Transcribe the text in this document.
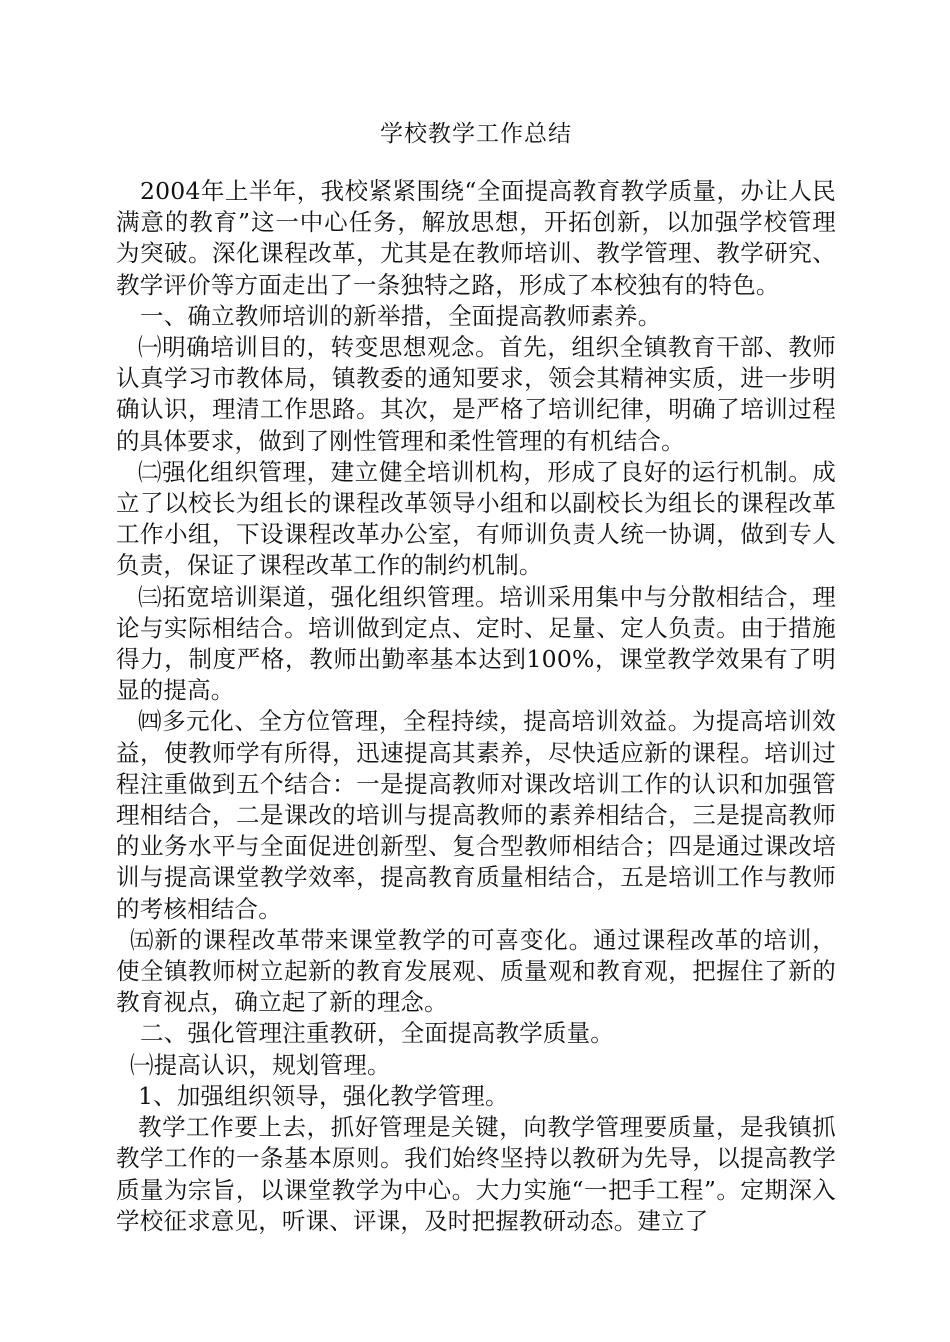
学校教学工作总结

2004年上半年，我校紧紧围绕“全面提高教育教学质量，办让人民满意的教育”这一中心任务，解放思想，开拓创新，以加强学校管理为突破。深化课程改革，尤其是在教师培训、教学管理、教学研究、教学评价等方面走出了一条独特之路，形成了本校独有的特色。

一、确立教师培训的新举措，全面提高教师素养。

㈠明确培训目的，转变思想观念。首先，组织全镇教育干部、教师认真学习市教体局，镇教委的通知要求，领会其精神实质，进一步明确认识，理清工作思路。其次，是严格了培训纪律，明确了培训过程的具体要求，做到了刚性管理和柔性管理的有机结合。

㈡强化组织管理，建立健全培训机构，形成了良好的运行机制。成立了以校长为组长的课程改革领导小组和以副校长为组长的课程改革工作小组，下设课程改革办公室，有师训负责人统一协调，做到专人负责，保证了课程改革工作的制约机制。

㈢拓宽培训渠道，强化组织管理。培训采用集中与分散相结合，理论与实际相结合。培训做到定点、定时、足量、定人负责。由于措施得力，制度严格，教师出勤率基本达到100%，课堂教学效果有了明显的提高。

㈣多元化、全方位管理，全程持续，提高培训效益。为提高培训效益，使教师学有所得，迅速提高其素养，尽快适应新的课程。培训过程注重做到五个结合：一是提高教师对课改培训工作的认识和加强管理相结合，二是课改的培训与提高教师的素养相结合，三是提高教师的业务水平与全面促进创新型、复合型教师相结合；四是通过课改培训与提高课堂教学效率，提高教育质量相结合，五是培训工作与教师的考核相结合。

㈤新的课程改革带来课堂教学的可喜变化。通过课程改革的培训，使全镇教师树立起新的教育发展观、质量观和教育观，把握住了新的教育视点，确立起了新的理念。

二、强化管理注重教研，全面提高教学质量。

㈠提高认识，规划管理。

1、加强组织领导，强化教学管理。

教学工作要上去，抓好管理是关键，向教学管理要质量，是我镇抓教学工作的一条基本原则。我们始终坚持以教研为先导，以提高教学质量为宗旨，以课堂教学为中心。大力实施“一把手工程”。定期深入学校征求意见，听课、评课，及时把握教研动态。建立了
